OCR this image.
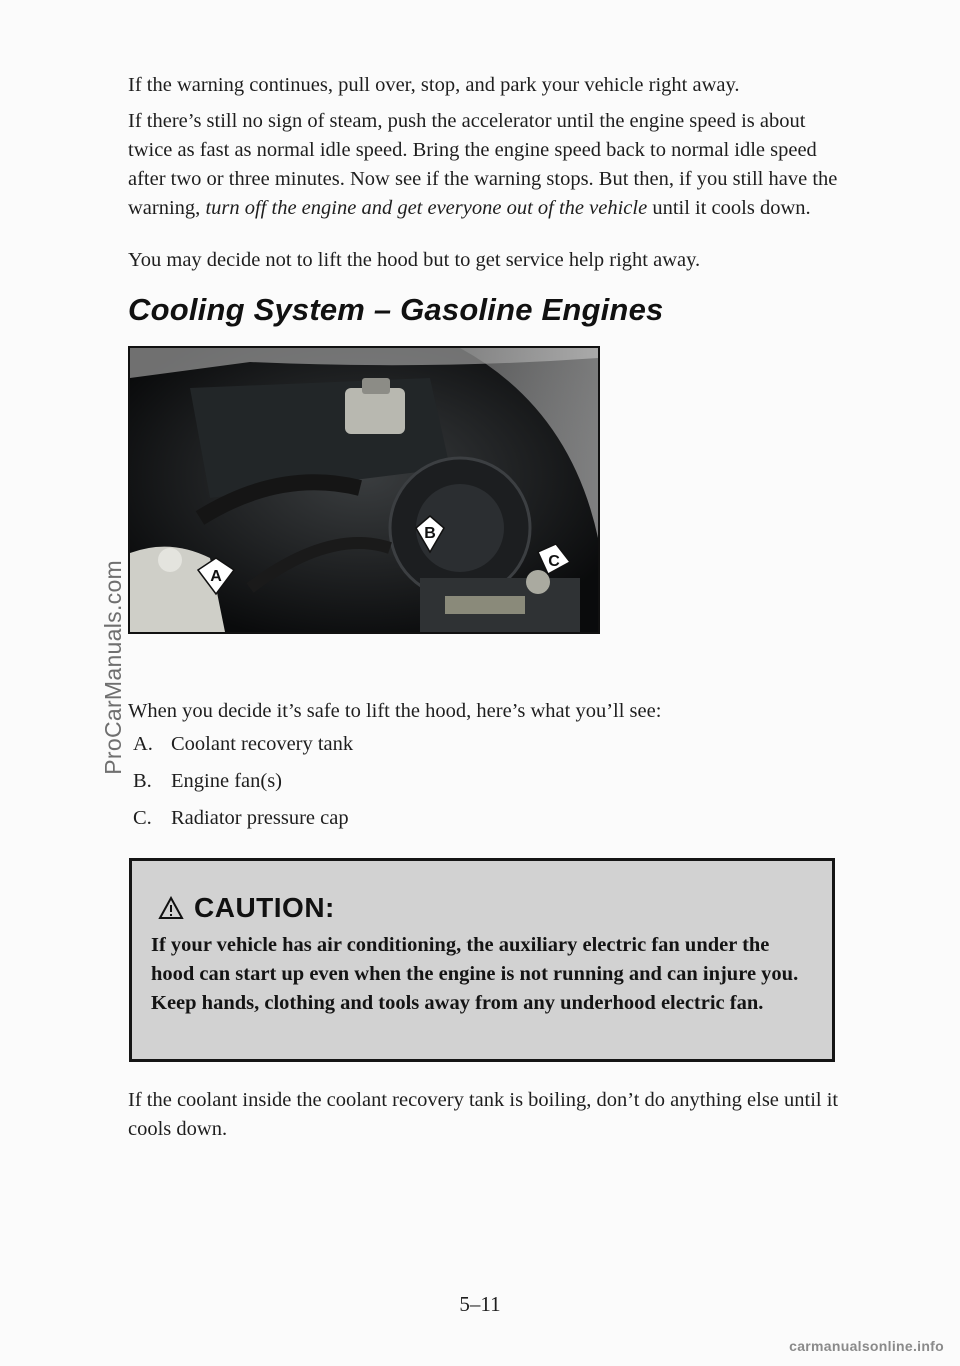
If the warning continues, pull over, stop, and park your vehicle right away.

If there’s still no sign of steam, push the accelerator until the engine speed is about twice as fast as normal idle speed. Bring the engine speed back to normal idle speed after two or three minutes. Now see if the warning stops. But then, if you still have the warning, turn off the engine and get everyone out of the vehicle until it cools down.

You may decide not to lift the hood but to get service help right away.

Cooling System – Gasoline Engines
A
B
C

When you decide it’s safe to lift the hood, here’s what you’ll see:

A. Coolant recovery tank
B. Engine fan(s)
C. Radiator pressure cap
CAUTION:

If your vehicle has air conditioning, the auxiliary electric fan under the hood can start up even when the engine is not running and can injure you. Keep hands, clothing and tools away from any underhood electric fan.

If the coolant inside the coolant recovery tank is boiling, don’t do anything else until it cools down.

ProCarManuals.com

5–11

carmanualsonline.info
